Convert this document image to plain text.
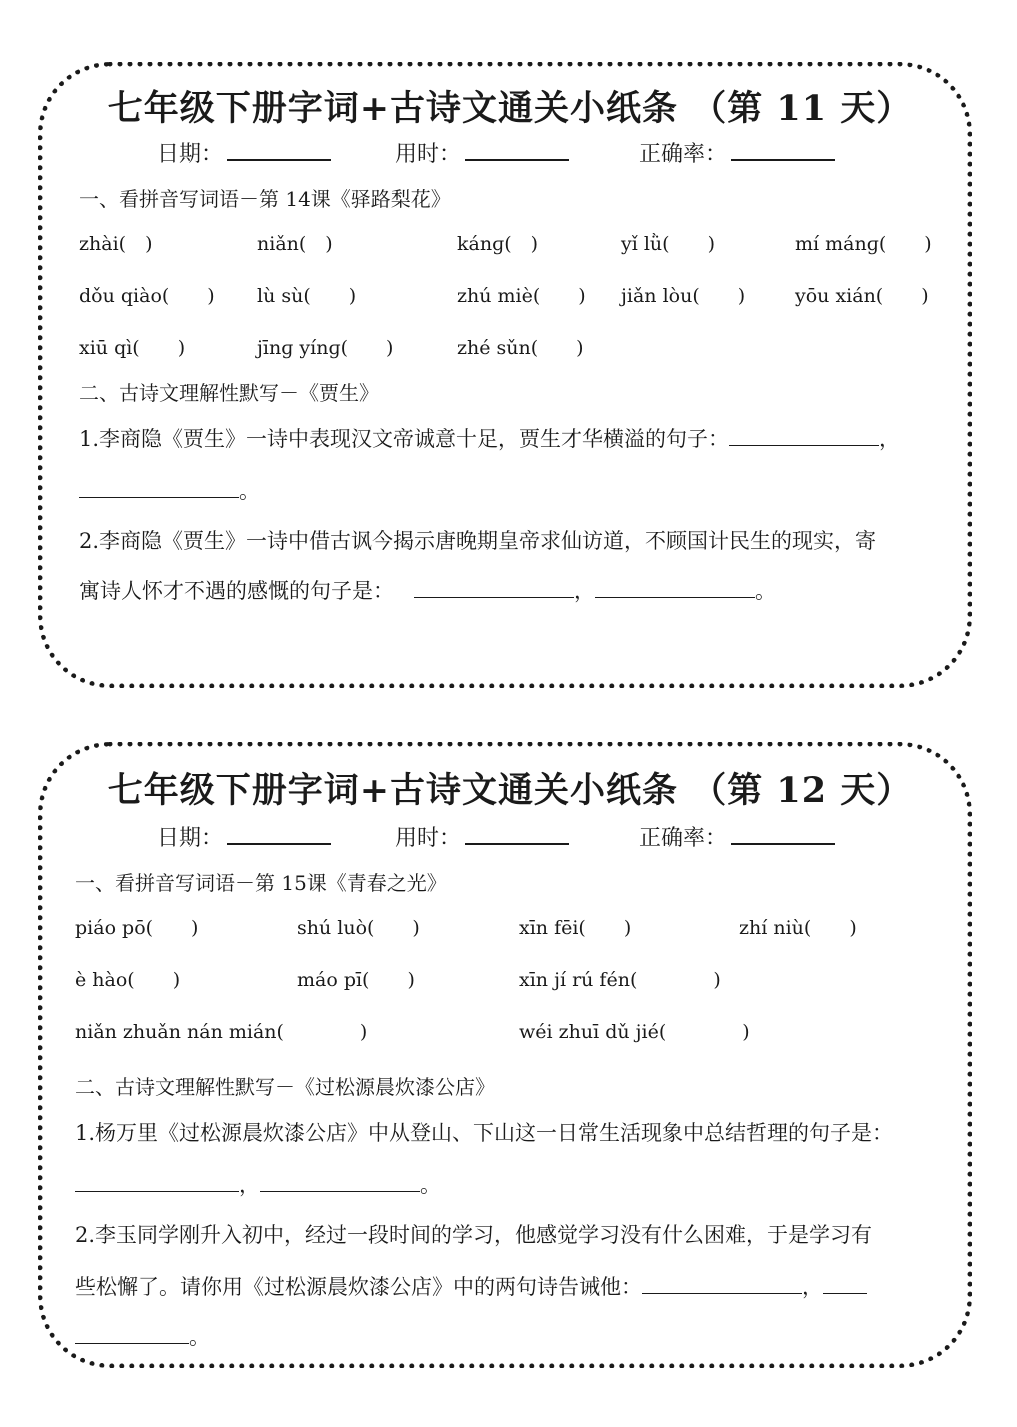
七年级下册字词+古诗文通关小纸条 （第 11 天）
日期：	用时：	正确率：
一、看拼音写词语－第 14课《驿路梨花》
zhài(　)	niǎn(　)	kánɡ(　)	yǐ lǜ(　　)	mí mánɡ(　　)
dǒu qiào(　　) lù sù(　　)	zhú miè(　　) jiǎn lòu(　　)	yōu xián(　　)
xiū qì(　　)	jīnɡ yínɡ(　　)	zhé sǔn(　　)
二、古诗文理解性默写－《贾生》
1.李商隐《贾生》一诗中表现汉文帝诚意十足，贾生才华横溢的句子：	，
。
2.李商隐《贾生》一诗中借古讽今揭示唐晚期皇帝求仙访道，不顾国计民生的现实，寄
寓诗人怀才不遇的感慨的句子是：	，	。
七年级下册字词+古诗文通关小纸条 （第 12 天）
日期：	用时：	正确率：
一、看拼音写词语－第 15课《青春之光》
piáo pō(　　)	shú luò(　　)	xīn fēi(　　)	zhí niù(　　)
è hào(　　)	máo pī(　　)	xīn jí rú fén(　　　　)
niǎn zhuǎn nán mián(　　　　)	wéi zhuī dǔ jié(　　　　)
二、古诗文理解性默写－《过松源晨炊漆公店》
1.杨万里《过松源晨炊漆公店》中从登山、下山这一日常生活现象中总结哲理的句子是：
，	。
2.李玉同学刚升入初中，经过一段时间的学习，他感觉学习没有什么困难，于是学习有
些松懈了。请你用《过松源晨炊漆公店》中的两句诗告诫他：	，
。
